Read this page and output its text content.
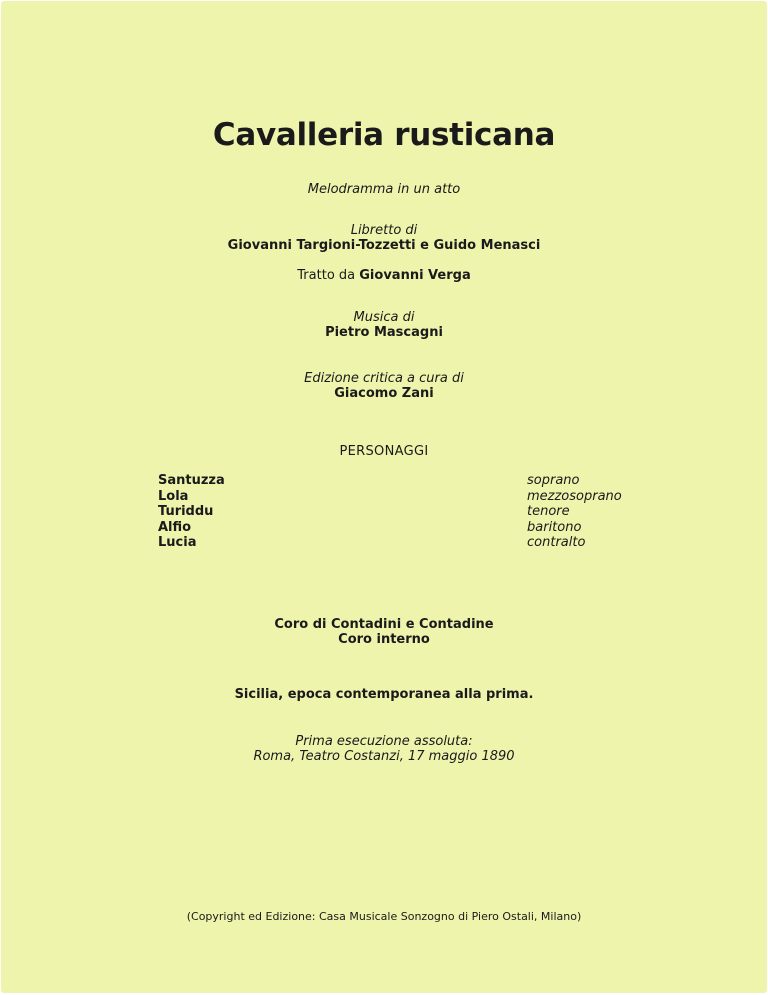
Cavalleria rusticana
Melodramma in un atto
Libretto di
Giovanni Targioni-Tozzetti e Guido Menasci
Tratto da Giovanni Verga
Musica di
Pietro Mascagni
Edizione critica a cura di
Giacomo Zani
PERSONAGGI
Santuzza	soprano
Lola	mezzosoprano
Turiddu	tenore
Alfio	baritono
Lucia	contralto
Coro di Contadini e Contadine
Coro interno
Sicilia, epoca contemporanea alla prima.
Prima esecuzione assoluta:
Roma, Teatro Costanzi, 17 maggio 1890
(Copyright ed Edizione: Casa Musicale Sonzogno di Piero Ostali, Milano)
